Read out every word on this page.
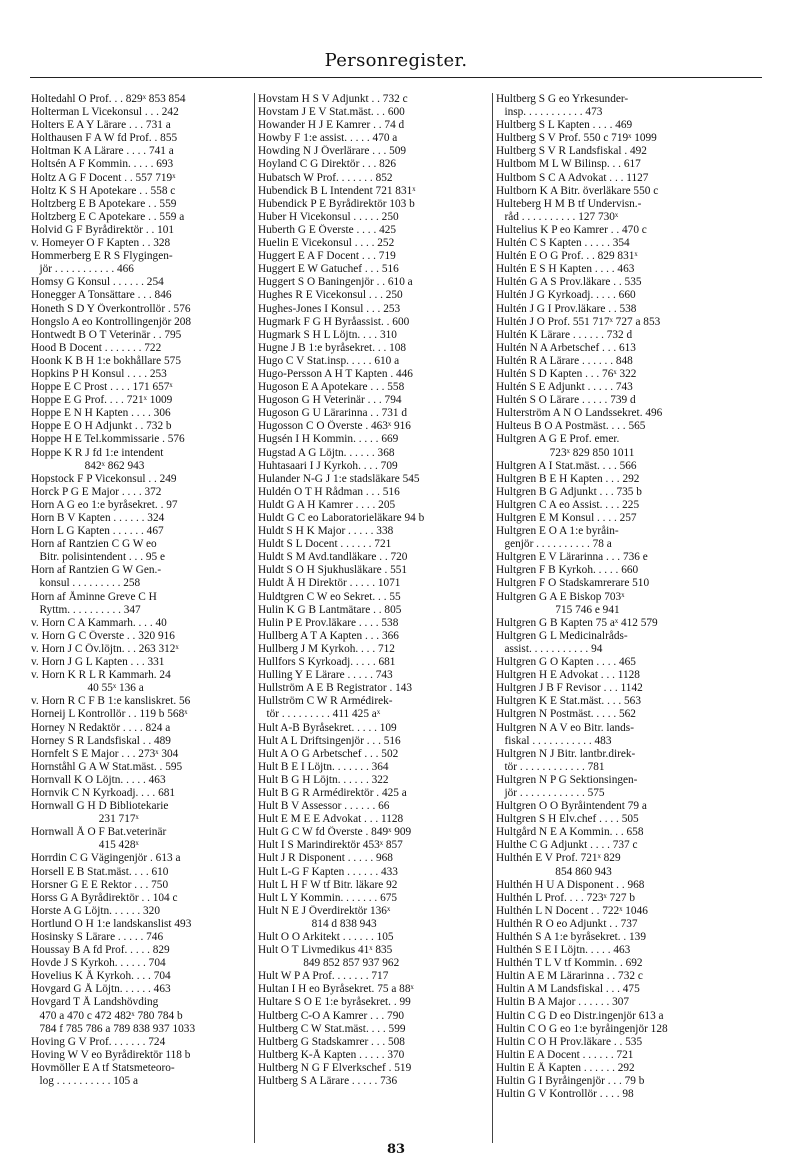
Personregister.
Holtedahl O Prof. . . 829ˣ 853 854
Holterman L Vicekonsul . . . 242
Holters E A Y Lärare . . . 731 a
Holthausen F A W fd Prof. . 855
Holtman K A Lärare . . . . 741 a
Holtsén A F Kommin. . . . . 693
Holtz A G F Docent . . 557 719ˣ
Holtz K S H Apotekare . . 558 c
Holtzberg E B Apotekare . . 559
Holtzberg E C Apotekare . . 559 a
Holvid G F Byrådirektör . . 101
v. Homeyer O F Kapten . . 328
Hommerberg E R S Flygingen-
jör . . . . . . . . . . . 466
Homsy G Konsul . . . . . . 254
Honegger A Tonsättare . . . 846
Honeth S D Y Överkontrollör . 576
Hongslo A eo Kontrollingenjör 208
Hontwedt B O T Veterinär . . 795
Hood B Docent . . . . . . . 722
Hoonk K B H 1:e bokhållare 575
Hopkins P H Konsul . . . . 253
Hoppe E C Prost . . . . 171 657ˣ
Hoppe E G Prof. . . . 721ˣ 1009
Hoppe E N H Kapten . . . . 306
Hoppe E O H Adjunkt . . 732 b
Hoppe H E Tel.kommissarie . 576
Hoppe K R J fd 1:e intendent
842ˣ 862 943
Hopstock F P Vicekonsul . . 249
Horck P G E Major . . . . 372
Horn A G eo 1:e byråsekret. . 97
Horn B V Kapten . . . . . . 324
Horn L G Kapten . . . . . . 467
Horn af Rantzien C G W eo
Bitr. polisintendent . . . 95 e
Horn af Rantzien G W Gen.-
konsul . . . . . . . . . 258
Horn af Åminne Greve C H
Ryttm. . . . . . . . . . 347
v. Horn C A Kammarh. . . . 40
v. Horn G C Överste . . 320 916
v. Horn J C Öv.löjtn. . . 263 312ˣ
v. Horn J G L Kapten . . . 331
v. Horn K R L R Kammarh. 24
40 55ˣ 136 a
v. Horn R C F B 1:e kansliskret. 56
Horneij L Kontrollör . . 119 b 568ˣ
Horney N Redaktör . . . . 824 a
Horney S R Landsfiskal . . 489
Hornfelt S E Major . . . 273ˣ 304
Hornståhl G A W Stat.mäst. . 595
Hornvall K O Löjtn. . . . . 463
Hornvik C N Kyrkoadj. . . . 681
Hornwall G H D Bibliotekarie
231 717ˣ
Hornwall Å O F Bat.veterinär
415 428ˣ
Horrdin C G Vägingenjör . 613 a
Horsell E B Stat.mäst. . . . 610
Horsner G E E Rektor . . . 750
Horss G A Byrådirektör . . 104 c
Horste A G Löjtn. . . . . . 320
Hortlund O H 1:e landskanslist 493
Hosinsky S Lärare . . . . . 746
Houssay B A fd Prof. . . . . 829
Hovde J S Kyrkoh. . . . . . 704
Hovelius K Å Kyrkoh. . . . 704
Hovgard G Å Löjtn. . . . . . 463
Hovgard T Å Landshövding
470 a 470 c 472 482ˣ 780 784 b
784 f 785 786 a 789 838 937 1033
Hoving G V Prof. . . . . . . 724
Hoving W V eo Byrådirektör 118 b
Hovmöller E A tf Statsmeteoro-
log . . . . . . . . . . 105 a
Hovstam H S V Adjunkt . . 732 c
Hovstam J E V Stat.mäst. . . 600
Howander H J E Kamrer . . 74 d
Howby F 1:e assist. . . . . 470 a
Howding N J Överlärare . . . 509
Hoyland C G Direktör . . . 826
Hubatsch W Prof. . . . . . . 852
Hubendick B L Intendent 721 831ˣ
Hubendick P E Byrådirektör 103 b
Huber H Vicekonsul . . . . . 250
Huberth G E Överste . . . . 425
Huelin E Vicekonsul . . . . 252
Huggert E A F Docent . . . 719
Huggert E W Gatuchef . . . 516
Huggert S O Baningenjör . . 610 a
Hughes R E Vicekonsul . . . 250
Hughes-Jones I Konsul . . . 253
Hugmark F G H Byråassist. . 600
Hugmark S H L Löjtn. . . . 310
Hugne J B 1:e byråsekret. . . 108
Hugo C V Stat.insp. . . . . 610 a
Hugo-Persson A H T Kapten . 446
Hugoson E A Apotekare . . . 558
Hugoson G H Veterinär . . . 794
Hugoson G U Lärarinna . . 731 d
Hugosson C O Överste . 463ˣ 916
Hugsén I H Kommin. . . . . 669
Hugstad A G Löjtn. . . . . . 368
Huhtasaari I J Kyrkoh. . . . 709
Hulander N-G J 1:e stadsläkare 545
Huldén O T H Rådman . . . 516
Huldt G A H Kamrer . . . . 205
Huldt G C eo Laboratorieläkare 94 b
Huldt S H K Major . . . . . 338
Huldt S L Docent . . . . . . 721
Huldt S M Avd.tandläkare . . 720
Huldt S O H Sjukhusläkare . 551
Huldt Å H Direktör . . . . . 1071
Huldtgren C W eo Sekret. . . 55
Hulin K G B Lantmätare . . 805
Hulin P E Prov.läkare . . . . 538
Hullberg A T A Kapten . . . 366
Hullberg J M Kyrkoh. . . . 712
Hullfors S Kyrkoadj. . . . . 681
Hulling Y E Lärare . . . . . 743
Hullström A E B Registrator . 143
Hullström C W R Armédirek-
tör . . . . . . . . . 411 425 aˣ
Hult A-B Byråsekret. . . . . 109
Hult A L Driftsingenjör . . . 516
Hult A O G Arbetschef . . . 502
Hult B E I Löjtn. . . . . . . 364
Hult B G H Löjtn. . . . . . 322
Hult B G R Armédirektör . 425 a
Hult B V Assessor . . . . . . 66
Hult E M E E Advokat . . . 1128
Hult G C W fd Överste . 849ˣ 909
Hult I S Marindirektör 453ˣ 857
Hult J R Disponent . . . . . 968
Hult L-G F Kapten . . . . . . 433
Hult L H F W tf Bitr. läkare 92
Hult L Y Kommin. . . . . . . 675
Hult N E J Överdirektör 136ˣ
814 d 838 943
Hult O O Arkitekt . . . . . . 105
Hult O T Livmedikus 41ˣ 835
849 852 857 937 962
Hult W P A Prof. . . . . . . 717
Hultan I H eo Byråsekret. 75 a 88ˣ
Hultare S O E 1:e byråsekret. . 99
Hultberg C-O A Kamrer . . . 790
Hultberg C W Stat.mäst. . . . 599
Hultberg G Stadskamrer . . . 508
Hultberg K-Å Kapten . . . . . 370
Hultberg N G F Elverkschef . 519
Hultberg S A Lärare . . . . . 736
Hultberg S G eo Yrkesunder-
insp. . . . . . . . . . . 473
Hultberg S L Kapten . . . . 469
Hultberg S V Prof. 550 c 719ˣ 1099
Hultberg S V R Landsfiskal . 492
Hultbom M L W Bilinsp. . . 617
Hultbom S C A Advokat . . . 1127
Hultborn K A Bitr. överläkare 550 c
Hulteberg H M B tf Undervisn.-
råd . . . . . . . . . . 127 730ˣ
Hultelius K P eo Kamrer . . 470 c
Hultén C S Kapten . . . . . 354
Hultén E O G Prof. . . 829 831ˣ
Hultén E S H Kapten . . . . 463
Hultén G A S Prov.läkare . . 535
Hultén J G Kyrkoadj. . . . . 660
Hultén J G I Prov.läkare . . 538
Hultén J O Prof. 551 717ˣ 727 a 853
Hultén K Lärare . . . . . . 732 d
Hultén N A Arbetschef . . . 613
Hultén R A Lärare . . . . . . 848
Hultén S D Kapten . . . 76ˣ 322
Hultén S E Adjunkt . . . . . 743
Hultén S O Lärare . . . . . 739 d
Hulterström A N O Landssekret. 496
Hulteus B O A Postmäst. . . . 565
Hultgren A G E Prof. emer.
723ˣ 829 850 1011
Hultgren A I Stat.mäst. . . . 566
Hultgren B E H Kapten . . . 292
Hultgren B G Adjunkt . . . 735 b
Hultgren C A eo Assist. . . . 225
Hultgren E M Konsul . . . . 257
Hultgren E O A 1:e byråin-
genjör . . . . . . . . . . 78 a
Hultgren E V Lärarinna . . . 736 e
Hultgren F B Kyrkoh. . . . . 660
Hultgren F O Stadskamrerare 510
Hultgren G A E Biskop 703ˣ
715 746 e 941
Hultgren G B Kapten 75 aˣ 412 579
Hultgren G L Medicinalråds-
assist. . . . . . . . . . . 94
Hultgren G O Kapten . . . . 465
Hultgren H E Advokat . . . 1128
Hultgren J B F Revisor . . . 1142
Hultgren K E Stat.mäst. . . . 563
Hultgren N Postmäst. . . . . 562
Hultgren N A V eo Bitr. lands-
fiskal . . . . . . . . . . . 483
Hultgren N J Bitr. lantbr.direk-
tör . . . . . . . . . . . . 781
Hultgren N P G Sektionsingen-
jör . . . . . . . . . . . . 575
Hultgren O O Byråintendent 79 a
Hultgren S H Elv.chef . . . . 505
Hultgård N E A Kommin. . . 658
Hulthe C G Adjunkt . . . . 737 c
Hulthén E V Prof. 721ˣ 829
854 860 943
Hulthén H U A Disponent . . 968
Hulthén L Prof. . . . 723ˣ 727 b
Hulthén L N Docent . . 722ˣ 1046
Hulthén R O eo Adjunkt . . 737
Hulthén S A 1:e byråsekret. . 139
Hulthén S E I Löjtn. . . . . 463
Hulthén T L V tf Kommin. . 692
Hultin A E M Lärarinna . . 732 c
Hultin A M Landsfiskal . . . 475
Hultin B A Major . . . . . . 307
Hultin C G D eo Distr.ingenjör 613 a
Hultin C O G eo 1:e byråingenjör 128
Hultin C O H Prov.läkare . . 535
Hultin E A Docent . . . . . . 721
Hultin E Å Kapten . . . . . . 292
Hultin G I Byråingenjör . . . 79 b
Hultin G V Kontrollör . . . . 98
83
